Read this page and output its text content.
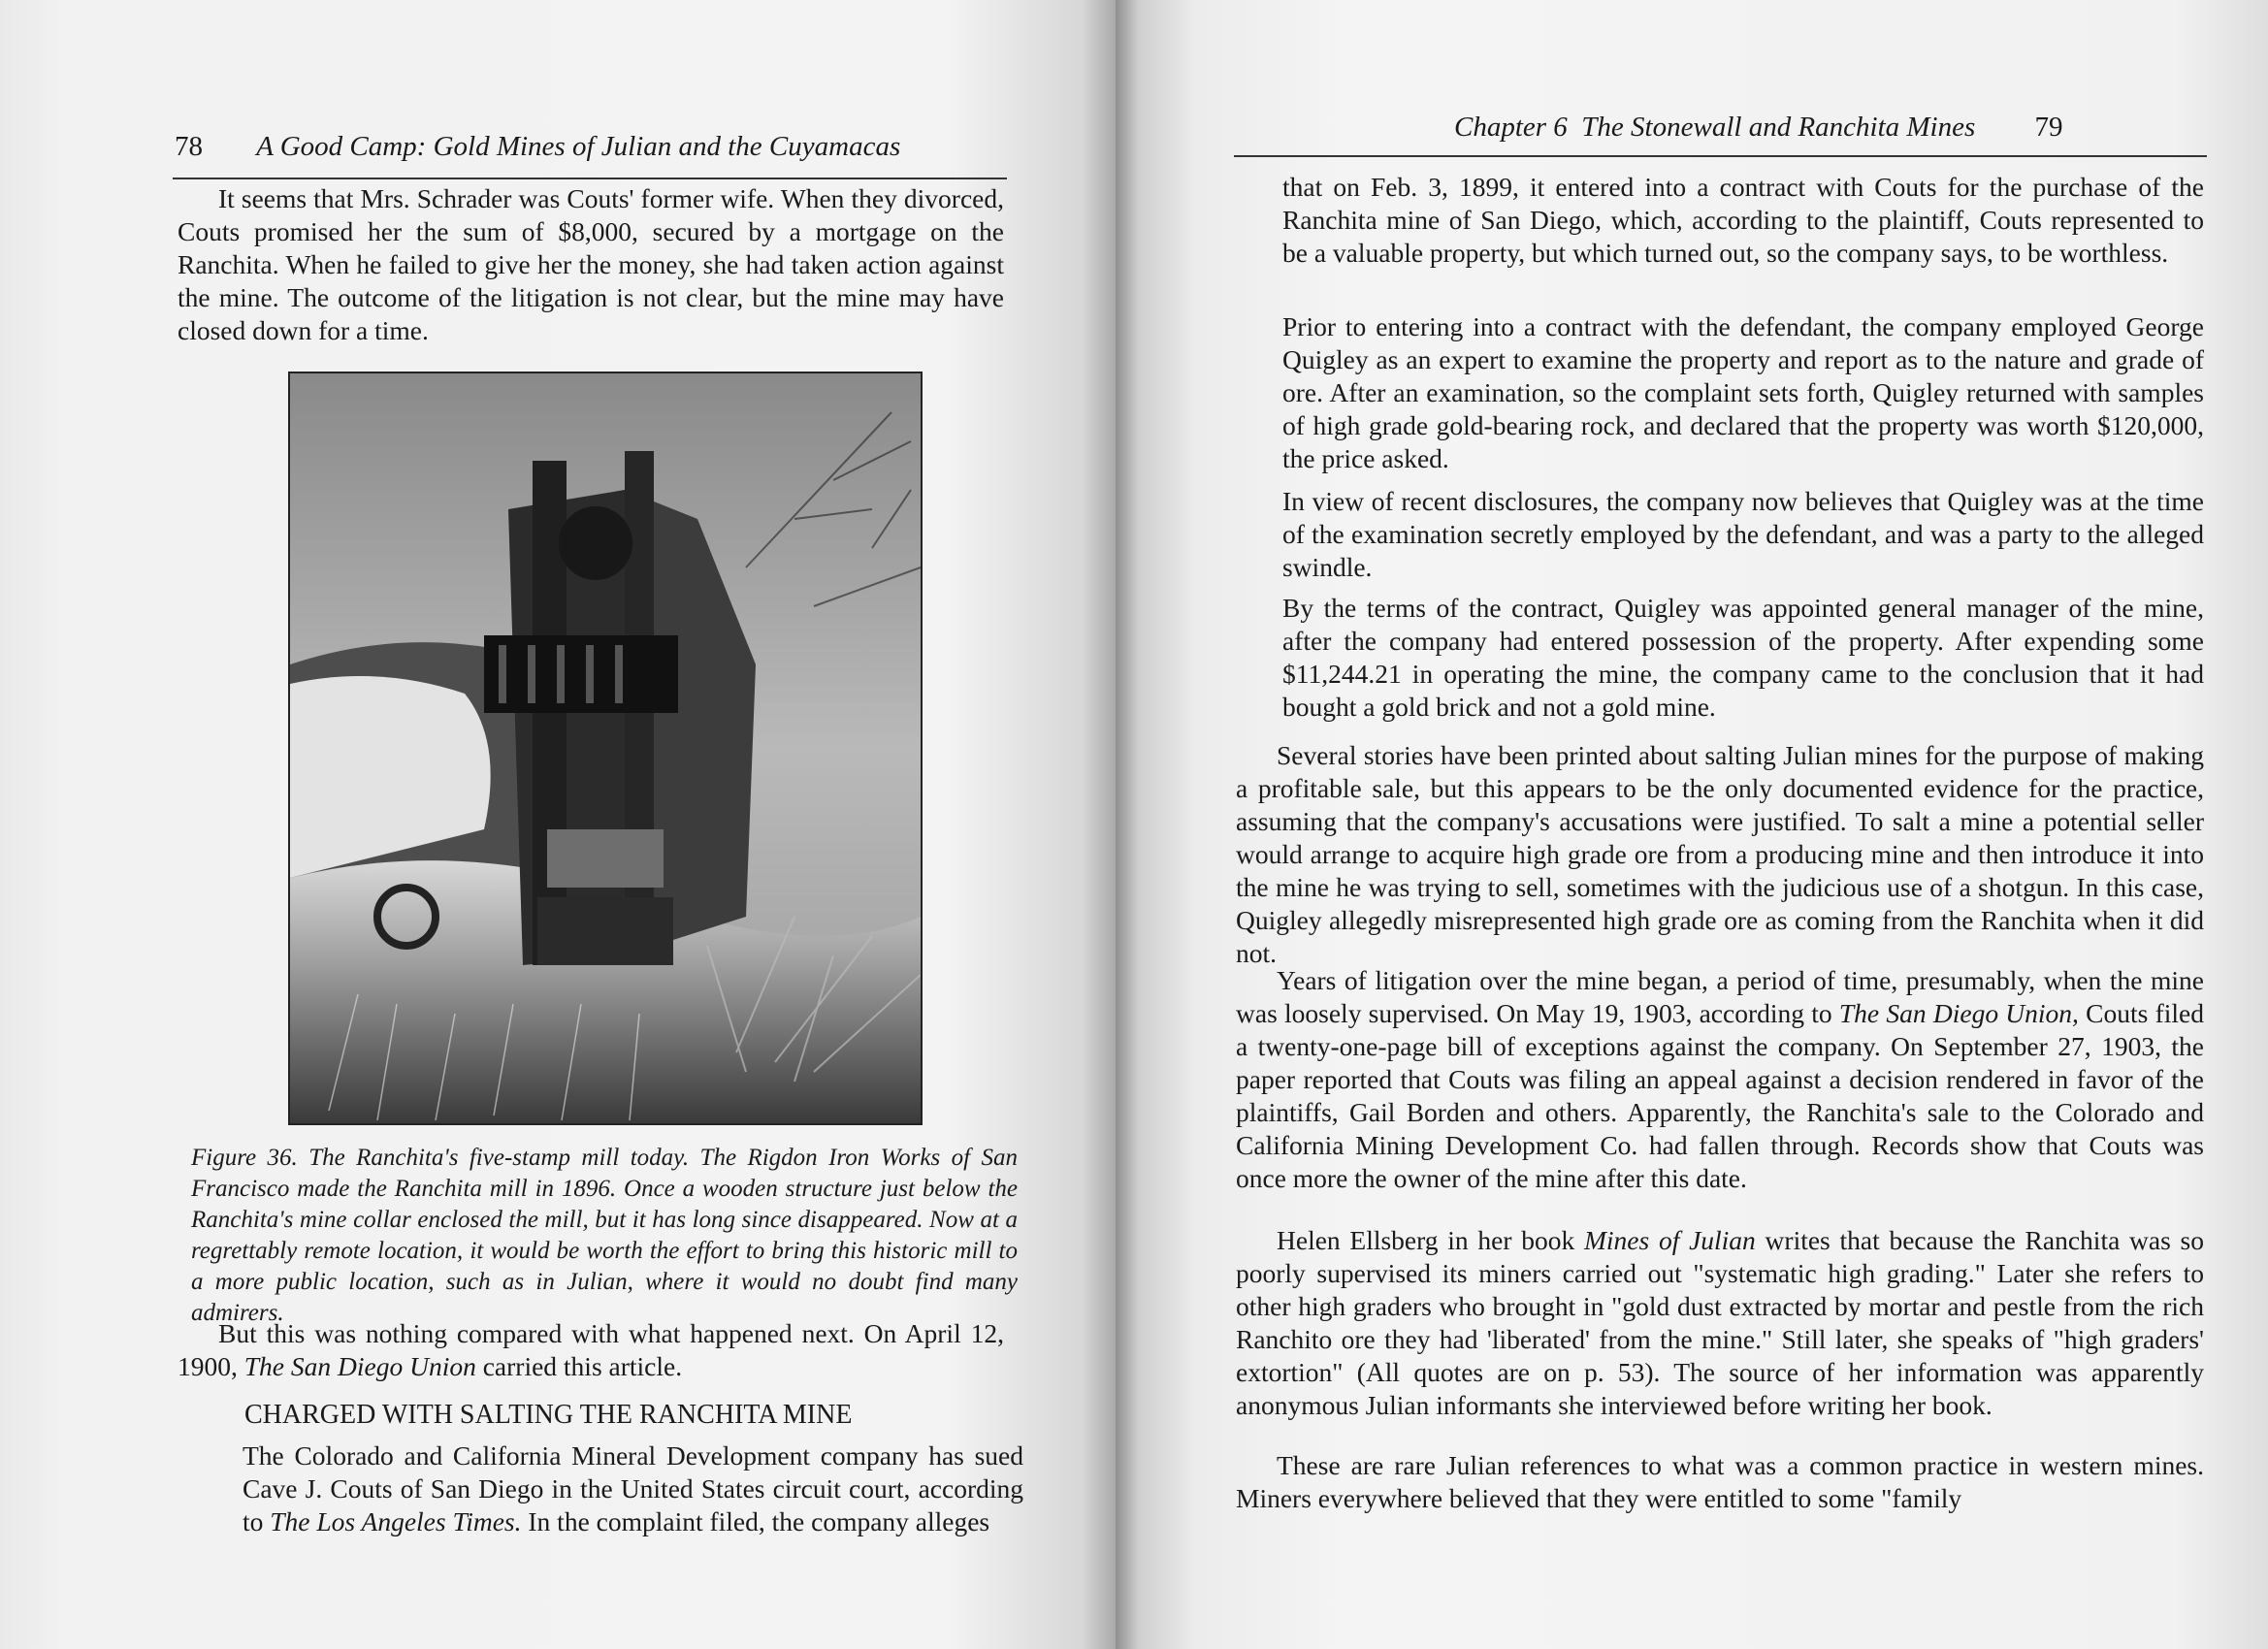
78 A Good Camp: Gold Mines of Julian and the Cuyamacas

It seems that Mrs. Schrader was Couts' former wife. When they divorced, Couts promised her the sum of $8,000, secured by a mortgage on the Ranchita. When he failed to give her the money, she had taken action against the mine. The outcome of the litigation is not clear, but the mine may have closed down for a time.

Figure 36. The Ranchita's five-stamp mill today. The Rigdon Iron Works of San Francisco made the Ranchita mill in 1896. Once a wooden structure just below the Ranchita's mine collar enclosed the mill, but it has long since disappeared. Now at a regrettably remote location, it would be worth the effort to bring this historic mill to a more public location, such as in Julian, where it would no doubt find many admirers.

But this was nothing compared with what happened next. On April 12, 1900, The San Diego Union carried this article.

CHARGED WITH SALTING THE RANCHITA MINE

The Colorado and California Mineral Development company has sued Cave J. Couts of San Diego in the United States circuit court, according to The Los Angeles Times. In the complaint filed, the company alleges

Chapter 6  The Stonewall and Ranchita Mines 79

that on Feb. 3, 1899, it entered into a contract with Couts for the purchase of the Ranchita mine of San Diego, which, according to the plaintiff, Couts represented to be a valuable property, but which turned out, so the company says, to be worthless.

Prior to entering into a contract with the defendant, the company employed George Quigley as an expert to examine the property and report as to the nature and grade of ore. After an examination, so the complaint sets forth, Quigley returned with samples of high grade gold-bearing rock, and declared that the property was worth $120,000, the price asked.

In view of recent disclosures, the company now believes that Quigley was at the time of the examination secretly employed by the defendant, and was a party to the alleged swindle.

By the terms of the contract, Quigley was appointed general manager of the mine, after the company had entered possession of the property. After expending some $11,244.21 in operating the mine, the company came to the conclusion that it had bought a gold brick and not a gold mine.

Several stories have been printed about salting Julian mines for the purpose of making a profitable sale, but this appears to be the only documented evidence for the practice, assuming that the company's accusations were justified. To salt a mine a potential seller would arrange to acquire high grade ore from a producing mine and then introduce it into the mine he was trying to sell, sometimes with the judicious use of a shotgun. In this case, Quigley allegedly misrepresented high grade ore as coming from the Ranchita when it did not.

Years of litigation over the mine began, a period of time, presumably, when the mine was loosely supervised. On May 19, 1903, according to The San Diego Union, Couts filed a twenty-one-page bill of exceptions against the company. On September 27, 1903, the paper reported that Couts was filing an appeal against a decision rendered in favor of the plaintiffs, Gail Borden and others. Apparently, the Ranchita's sale to the Colorado and California Mining Development Co. had fallen through. Records show that Couts was once more the owner of the mine after this date.

Helen Ellsberg in her book Mines of Julian writes that because the Ranchita was so poorly supervised its miners carried out "systematic high grading." Later she refers to other high graders who brought in "gold dust extracted by mortar and pestle from the rich Ranchito ore they had 'liberated' from the mine." Still later, she speaks of "high graders' extortion" (All quotes are on p. 53). The source of her information was apparently anonymous Julian informants she interviewed before writing her book.

These are rare Julian references to what was a common practice in western mines. Miners everywhere believed that they were entitled to some "family
